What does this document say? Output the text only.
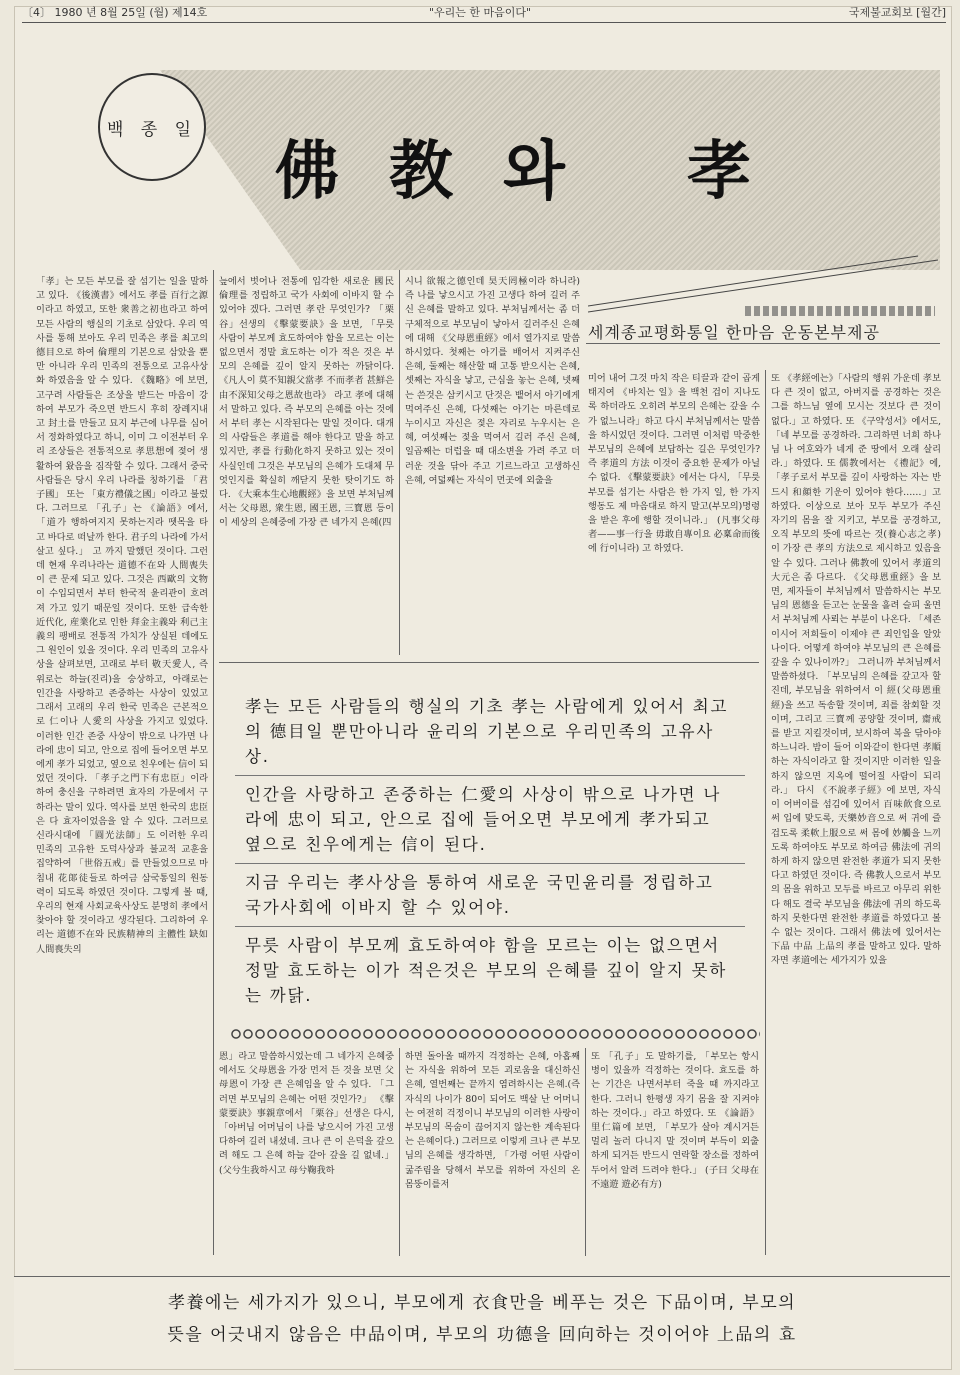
〔4〕 1980 년 8월 25일 (월) 제14호	"우리는 한 마음이다"	국제불교회보 [월간]
백 종 일
佛教와 孝
세계종교평화통일 한마음 운동본부제공
「孝」는 모든 부모를 잘 섬기는 일을 말하고 있다. 《後漢書》에서도 孝를 百行之源이라고 하였고, 또한 衆善之初也라고 하여 모든 사람의 행실의 기초로 삼았다. 우리 역사를 통해 보아도 우리 민족은 孝를 최고의 德目으로 하여 倫理의 기본으로 삼았을 뿐만 아니라 우리 민족의 전통으로 고유사상화 하였음을 알 수 있다. 《魏略》에 보면, 고구려 사람들은 조상을 받드는 마음이 강하여 부모가 죽으면 반드시 후히 장례지내고 封土를 만들고 묘지 부근에 나무를 심어서 정화하였다고 하니, 이미 그 이전부터 우리 조상들은 전통적으로 孝思想에 젖어 생활하여 왔음을 짐작할 수 있다. 그래서 중국사람들은 당시 우리 나라를 칭하기를 「君子國」 또는 「東方禮儀之國」이라고 불렀다. 그러므로 「孔子」는 《論語》에서, 「道가 행하여지지 못하는지라 뗏목을 타고 바다로 떠날까 한다. 君子의 나라에 가서 살고 싶다.」 고 까지 말했던 것이다. 그런데 현재 우리나라는 道德不在와 人間喪失이 큰 문제 되고 있다. 그것은 西歐의 文物이 수입되면서 부터 한국적 윤리관이 흐려져 가고 있기 때문일 것이다. 또한 급속한 近代化, 産業化로 인한 拜金主義와 利己主義의 팽배로 전통적 가치가 상실된 데에도 그 원인이 있을 것이다. 우리 민족의 고유사상을 살펴보면, 고래로 부터 敬天愛人, 즉 위로는 하늘(진리)을 숭상하고, 아래로는 인간을 사랑하고 존중하는 사상이 있었고 그래서 고래의 우리 한국 민족은 근본적으로 仁이나 人愛의 사상을 가지고 있었다. 이러한 인간 존중 사상이 밖으로 나가면 나라에 忠이 되고, 안으로 집에 들어오면 부모에게 孝가 되었고, 옆으로 친우에는 信이 되었던 것이다. 「孝子之門下有忠臣」이라 하여 충신을 구하려면 효자의 가문에서 구하라는 말이 있다. 역사를 보면 한국의 忠臣은 다 효자이었음을 알 수 있다. 그러므로 신라시대에 「圓光法師」도 이러한 우리 민족의 고유한 도덕사상과 불교적 교훈을 집약하여 「世俗五戒」를 만들었으므로 마침내 花郞徒들로 하여금 삼국통일의 원동력이 되도록 하였던 것이다. 그렇게 볼 때, 우리의 현재 사회교육사상도 분명히 孝에서 찾아야 할 것이라고 생각된다. 그리하여 우리는 道德不在와 民族精神의 主體性 缺如 人間喪失의
늪에서 벗어나 전통에 입각한 새로운 國民倫理를 정립하고 국가 사회에 이바지 할 수 있어야 겠다. 그러면 孝란 무엇인가? 「栗谷」선생의 《擊蒙要訣》을 보면, 「무릇 사람이 부모께 효도하여야 함을 모르는 이는 없으면서 정말 효도하는 이가 적은 것은 부모의 은혜를 깊이 알지 못하는 까닭이다. 《凡人이 莫不知親父當孝 不而孝者 甚鮮은 由不深知父母之恩故也라》 라고 孝에 대해서 말하고 있다. 즉 부모의 은혜를 아는 것에서 부터 孝는 시작된다는 말일 것이다. 대개의 사람들은 孝道를 해야 한다고 말을 하고 있지만, 孝를 行動化하지 못하고 있는 것이 사실인데 그것은 부모님의 은혜가 도대체 무엇인지를 확실히 깨닫지 못한 탓이기도 하다. 《大乘本生心地觀經》을 보면 부처님께서는 父母恩, 衆生恩, 國王恩, 三寶恩 등이 이 세상의 은혜중에 가장 큰 네가지 은혜(四
시니 欲報之德인데 昊天罔極이라 하니라) 즉 나를 낳으시고 가진 고생다 하여 길러 주신 은혜를 말하고 있다. 부처님께서는 좀 더 구체적으로 부모님이 낳아서 길러주신 은혜에 대해 《父母恩重經》에서 열가지로 말씀하시었다. 첫째는 아기를 배어서 지켜주신 은혜, 둘째는 해산할 때 고통 받으시는 은혜, 셋째는 자식을 낳고, 근심을 놓는 은혜, 넷째는 쓴것은 삼키시고 단것은 뱉어서 아기에게 먹여주신 은혜, 다섯째는 아기는 마른데로 누이시고 자신은 젖은 자리로 누우시는 은혜, 여섯째는 젖을 먹여서 길러 주신 은혜, 일곱째는 더럽을 때 대소변을 가려 주고 더러운 것을 닦아 주고 기르느라고 고생하신 은혜, 여덟째는 자식이 먼곳에 외출을
미어 내어 그것 마치 작은 티끌과 같이 곱게 태지여 《바치는 일》을 백천 겁이 지나도록 하더라도 오히려 부모의 은혜는 갚을 수가 없느니라」하고 다시 부처님께서는 말씀을 하시었던 것이다. 그러면 이처럼 막중한 부모님의 은혜에 보답하는 길은 무엇인가? 즉 孝道의 方法 이것이 중요한 문제가 아닐 수 없다. 《擊蒙要訣》에서는 다시, 「무릇 부모를 섬기는 사람은 한 가지 일, 한 가지 행동도 제 마음대로 하지 말고(부모의)명령을 받은 후에 행할 것이니라.」 (凡事父母者——事一行을 毋敢自專이요 必稟命而後에 行이니라) 고 하였다.
또 《孝經에는》「사람의 행위 가운데 孝보다 큰 것이 없고, 아버지를 공경하는 것은 그를 하느님 옆에 모시는 것보다 큰 것이 없다.」고 하였다. 또 《구약성서》에서도, 「네 부모를 공경하라. 그리하면 너희 하나님 나 여호와가 네게 준 땅에서 오래 살리라.」하였다. 또 儒教에서는 《禮記》에, 「孝子로서 부모를 깊이 사랑하는 자는 반드시 和顔한 기운이 있어야 한다……」고 하였다. 이상으로 보아 모두 부모가 주신 자기의 몸을 잘 지키고, 부모를 공경하고, 오직 부모의 뜻에 따르는 것(養心志之孝)이 가장 큰 孝의 方法으로 제시하고 있음을 알 수 있다. 그러나 佛教에 있어서 孝道의 大元은 좀 다르다. 《父母恩重經》을 보면, 제자들이 부처님께서 말씀하시는 부모님의 恩德을 듣고는 눈물을 흘려 슬피 울면서 부처님께 사뢰는 부분이 나온다. 「세존이시어 저희들이 이제야 큰 죄인입을 알았나이다. 어떻게 하여야 부모님의 큰 은혜를 갚을 수 있나이까?」 그러니까 부처님께서 말씀하셨다. 「부모님의 은혜를 갚고자 할진데, 부모님을 위하여서 이 經(父母恩重經)을 쓰고 독송할 것이며, 죄를 참회할 것이며, 그리고 三寶께 공양할 것이며, 齋戒를 받고 지킬것이며, 보시하여 복을 닦아야 하느니라. 밤이 들어 이와같이 한다면 孝順하는 자식이라고 할 것이지만 이러한 일을 하지 않으면 지옥에 떨어질 사람이 되리라.」 다시 《不說孝子經》에 보면, 자식이 어버이를 섬김에 있어서 百味飮食으로 써 입에 맞도록, 天樂妙音으로 써 귀에 즐겁도록 柔軟上服으로 써 몸에 妙觸을 느끼도록 하여야도 부모로 하여금 佛法에 귀의하게 하지 않으면 완전한 孝道가 되지 못한다고 하였던 것이다. 즉 佛教人으로서 부모의 몸을 위하고 모두를 바르고 아무리 위한다 해도 결국 부모님을 佛法에 귀의 하도록 하지 못한다면 완전한 孝道를 하였다고 볼 수 없는 것이다. 그래서 佛法에 있어서는 下品 中品 上品의 孝를 말하고 있다. 말하자면 孝道에는 세가지가 있을

孝는 모든 사람들의 행실의 기초 孝는 사람에게 있어서 최고의 德目일 뿐만아니라 윤리의 기본으로 우리민족의 고유사상.

인간을 사랑하고 존중하는 仁愛의 사상이 밖으로 나가면 나라에 忠이 되고, 안으로 집에 들어오면 부모에게 孝가되고 옆으로 친우에게는 信이 된다.

지금 우리는 孝사상을 통하여 새로운 국민윤리를 정립하고 국가사회에 이바지 할 수 있어야.

무릇 사람이 부모께 효도하여야 함을 모르는 이는 없으면서 정말 효도하는 이가 적은것은 부모의 은혜를 깊이 알지 못하는 까닭.

恩」라고 말씀하시었는데 그 네가지 은혜중에서도 父母恩을 가장 먼저 든 것을 보면 父母恩이 가장 큰 은혜임을 알 수 있다. 「그러면 부모님의 은혜는 어떤 것인가?」 《擊蒙要訣》事親章에서 「栗谷」선생은 다시, 「아버님 어머님이 나를 낳으시어 가진 고생 다하여 길러 내셨네. 크나 큰 이 은덕을 갚으려 해도 그 은혜 하늘 같아 갚을 길 없네.」 (父兮生我하시고 母兮鞠我하
하면 돌아올 때까지 걱정하는 은혜, 아홉째는 자식을 위하여 모든 괴로움을 대신하신 은혜, 열번째는 끝까지 염려하시는 은혜.(즉 자식의 나이가 80이 되어도 백살 난 어머니는 여전히 걱정이니 부모님의 이러한 사랑이 부모님의 목숨이 끊어지지 않는한 계속된다는 은혜이다.) 그러므로 이렇게 크나 큰 부모님의 은혜를 생각하면, 「가령 어떤 사람이 굶주림을 당해서 부모를 위하여 자신의 온 몸뚱이를저
또 「孔子」도 말하기를, 「부모는 항시 병이 있을까 걱정하는 것이다. 효도를 하는 기간은 나면서부터 죽을 때 까지라고 한다. 그러니 한평생 자기 몸을 잘 지켜야 하는 것이다.」라고 하였다. 또 《論語》里仁篇에 보면, 「부모가 살아 계시거든 멀리 놀러 다니지 말 것이며 부득이 외출하게 되거든 반드시 연락할 장소를 정하여 두어서 알려 드려야 한다.」 (子曰 父母在 不遠遊 遊必有方)

孝養에는 세가지가 있으니, 부모에게 衣食만을 베푸는 것은 下品이며, 부모의

뜻을 어긋내지 않음은 中品이며, 부모의 功德을 回向하는 것이어야 上品의 효
